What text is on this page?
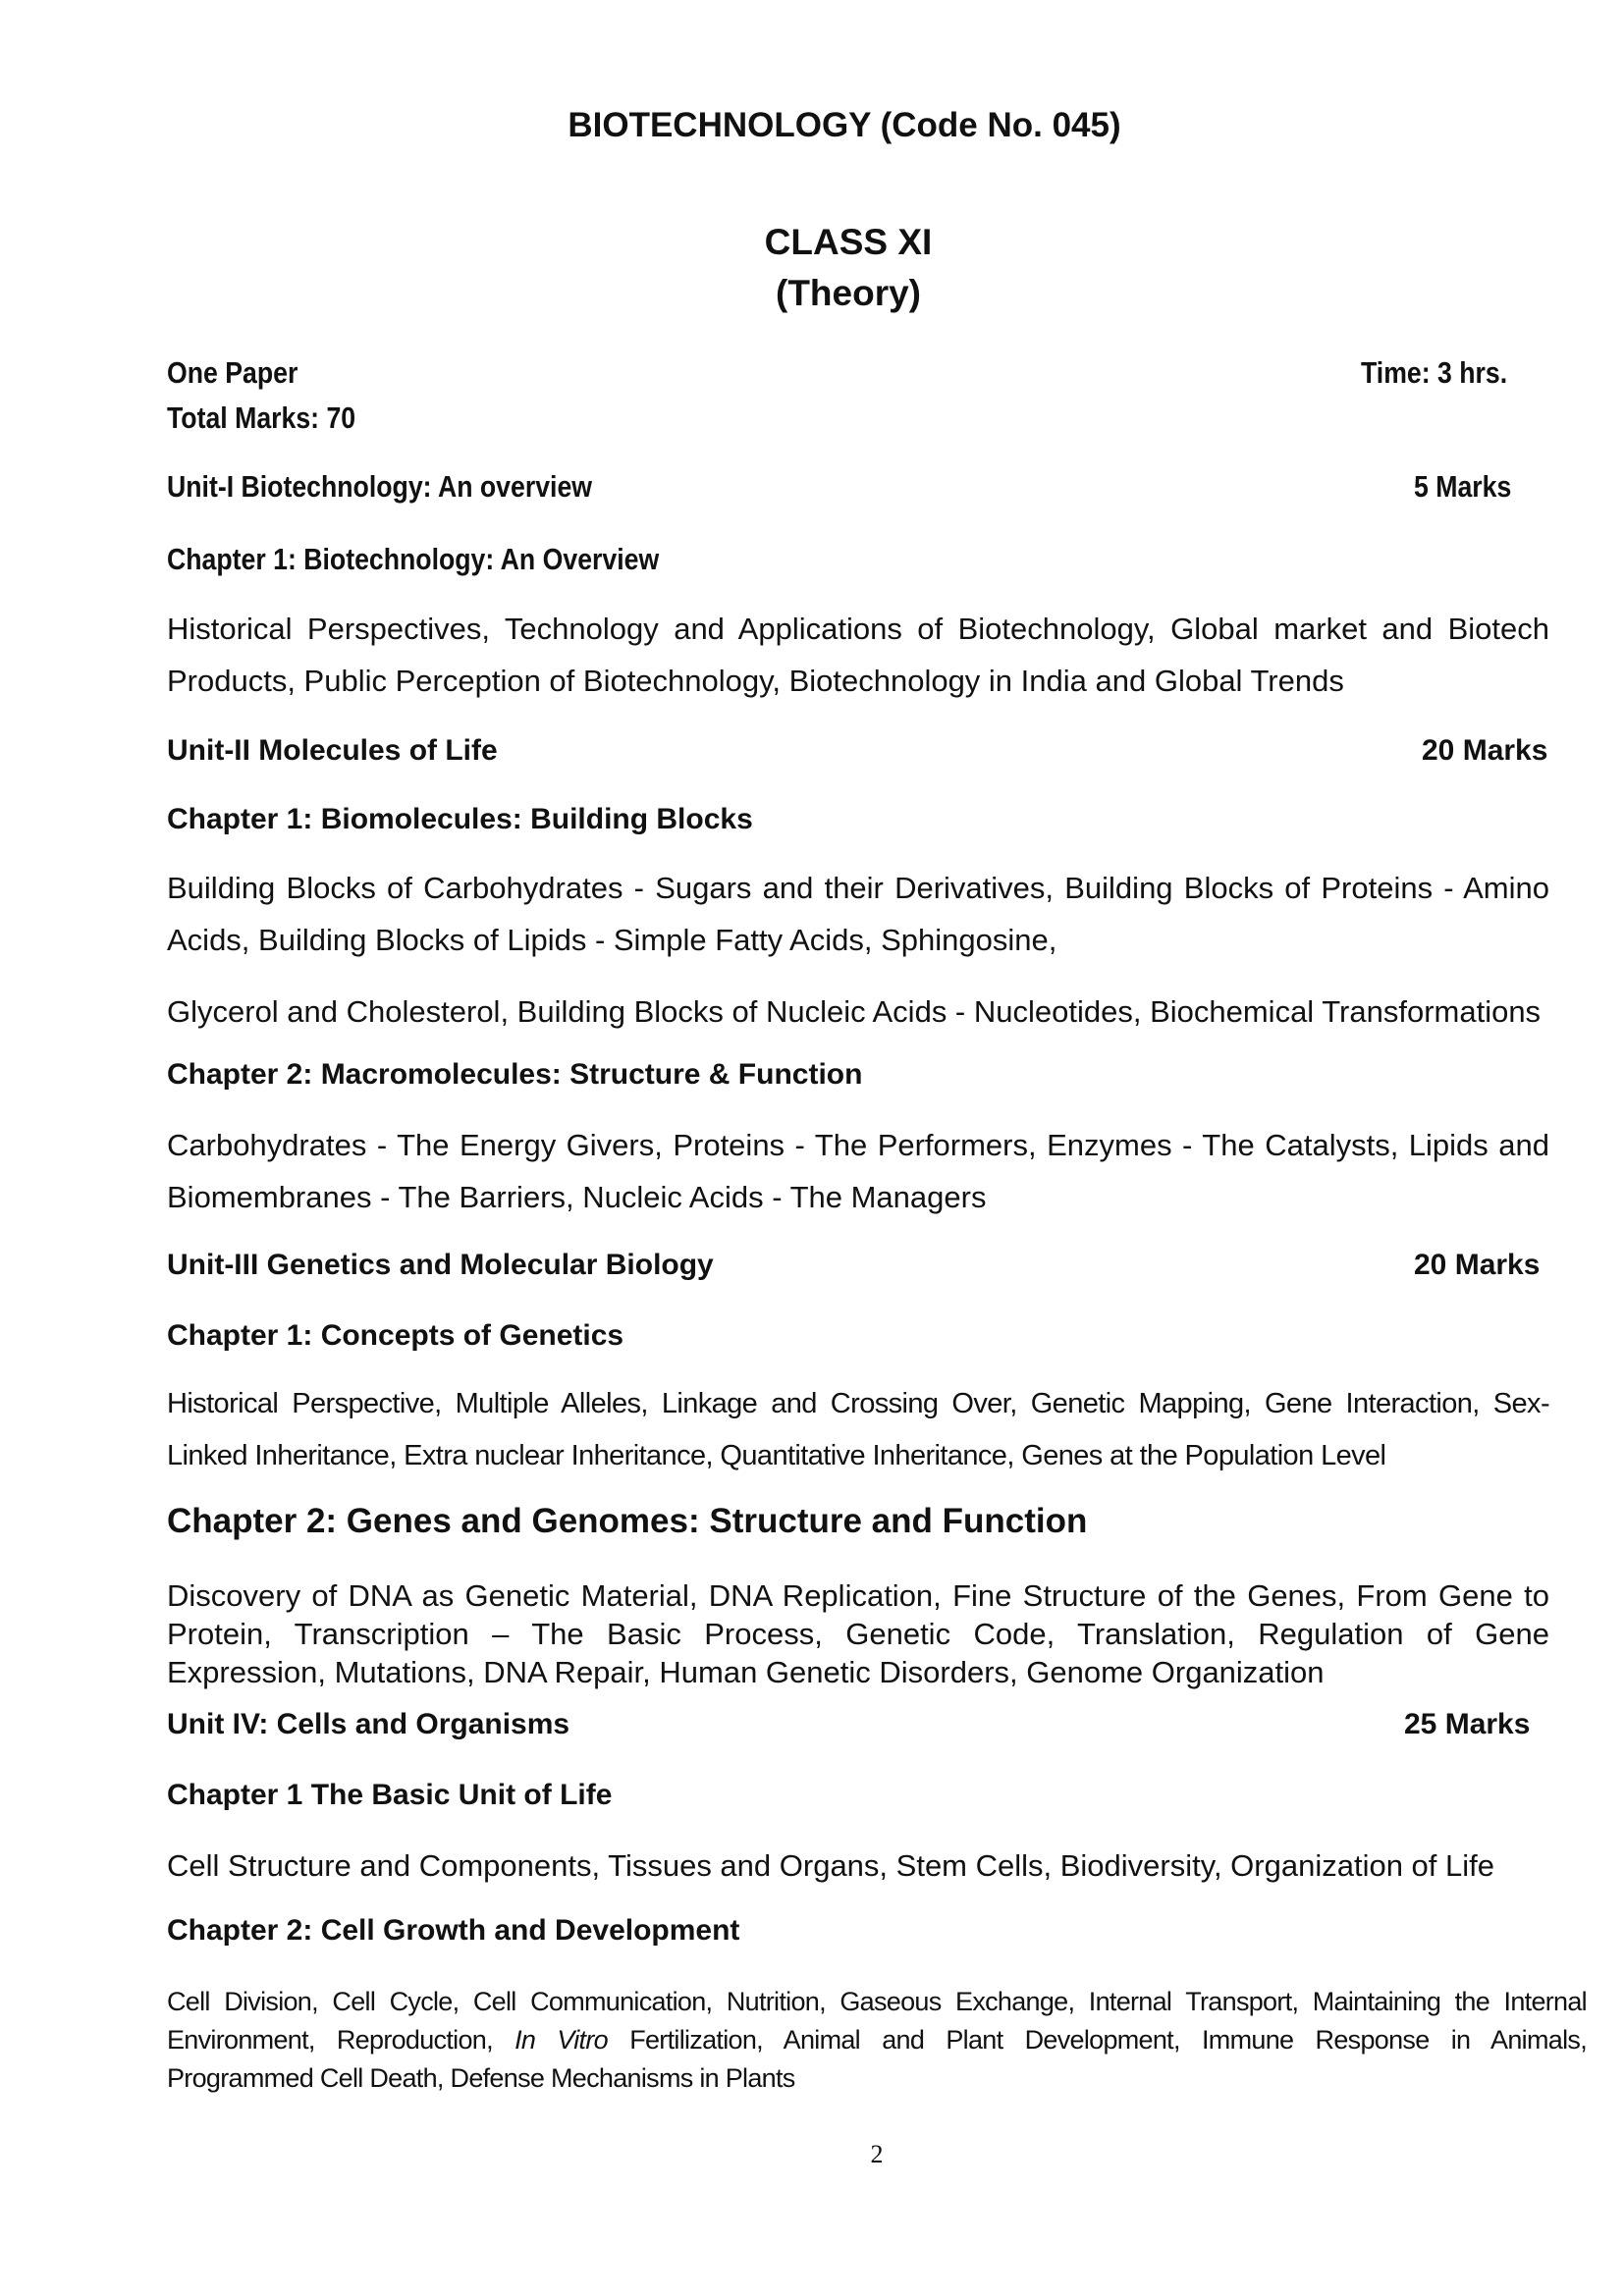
BIOTECHNOLOGY (Code No. 045)

CLASS XI

(Theory)

One Paper	Time: 3 hrs.

Total Marks: 70

Unit-I Biotechnology: An overview	5 Marks

Chapter 1: Biotechnology: An Overview

Historical Perspectives, Technology and Applications of Biotechnology, Global market and Biotech
Products, Public Perception of Biotechnology, Biotechnology in India and Global Trends

Unit-II Molecules of Life	20 Marks

Chapter 1: Biomolecules: Building Blocks

Building Blocks of Carbohydrates - Sugars and their Derivatives, Building Blocks of Proteins - Amino
Acids, Building Blocks of Lipids - Simple Fatty Acids, Sphingosine,
Glycerol and Cholesterol, Building Blocks of Nucleic Acids - Nucleotides, Biochemical Transformations

Chapter 2: Macromolecules: Structure & Function

Carbohydrates - The Energy Givers, Proteins - The Performers, Enzymes - The Catalysts, Lipids and
Biomembranes - The Barriers, Nucleic Acids - The Managers

Unit-III Genetics and Molecular Biology	20 Marks

Chapter 1: Concepts of Genetics

Historical Perspective, Multiple Alleles, Linkage and Crossing Over, Genetic Mapping, Gene Interaction, Sex-
Linked Inheritance, Extra nuclear Inheritance, Quantitative Inheritance, Genes at the Population Level

Chapter 2: Genes and Genomes: Structure and Function

Discovery of DNA as Genetic Material, DNA Replication, Fine Structure of the Genes, From Gene to
Protein, Transcription – The Basic Process, Genetic Code, Translation, Regulation of Gene
Expression, Mutations, DNA Repair, Human Genetic Disorders, Genome Organization

Unit IV: Cells and Organisms	25 Marks

Chapter 1 The Basic Unit of Life

Cell Structure and Components, Tissues and Organs, Stem Cells, Biodiversity, Organization of Life

Chapter 2: Cell Growth and Development

Cell Division, Cell Cycle, Cell Communication, Nutrition, Gaseous Exchange, Internal Transport, Maintaining the Internal
Environment, Reproduction, In Vitro Fertilization, Animal and Plant Development, Immune Response in Animals,
Programmed Cell Death, Defense Mechanisms in Plants

2
